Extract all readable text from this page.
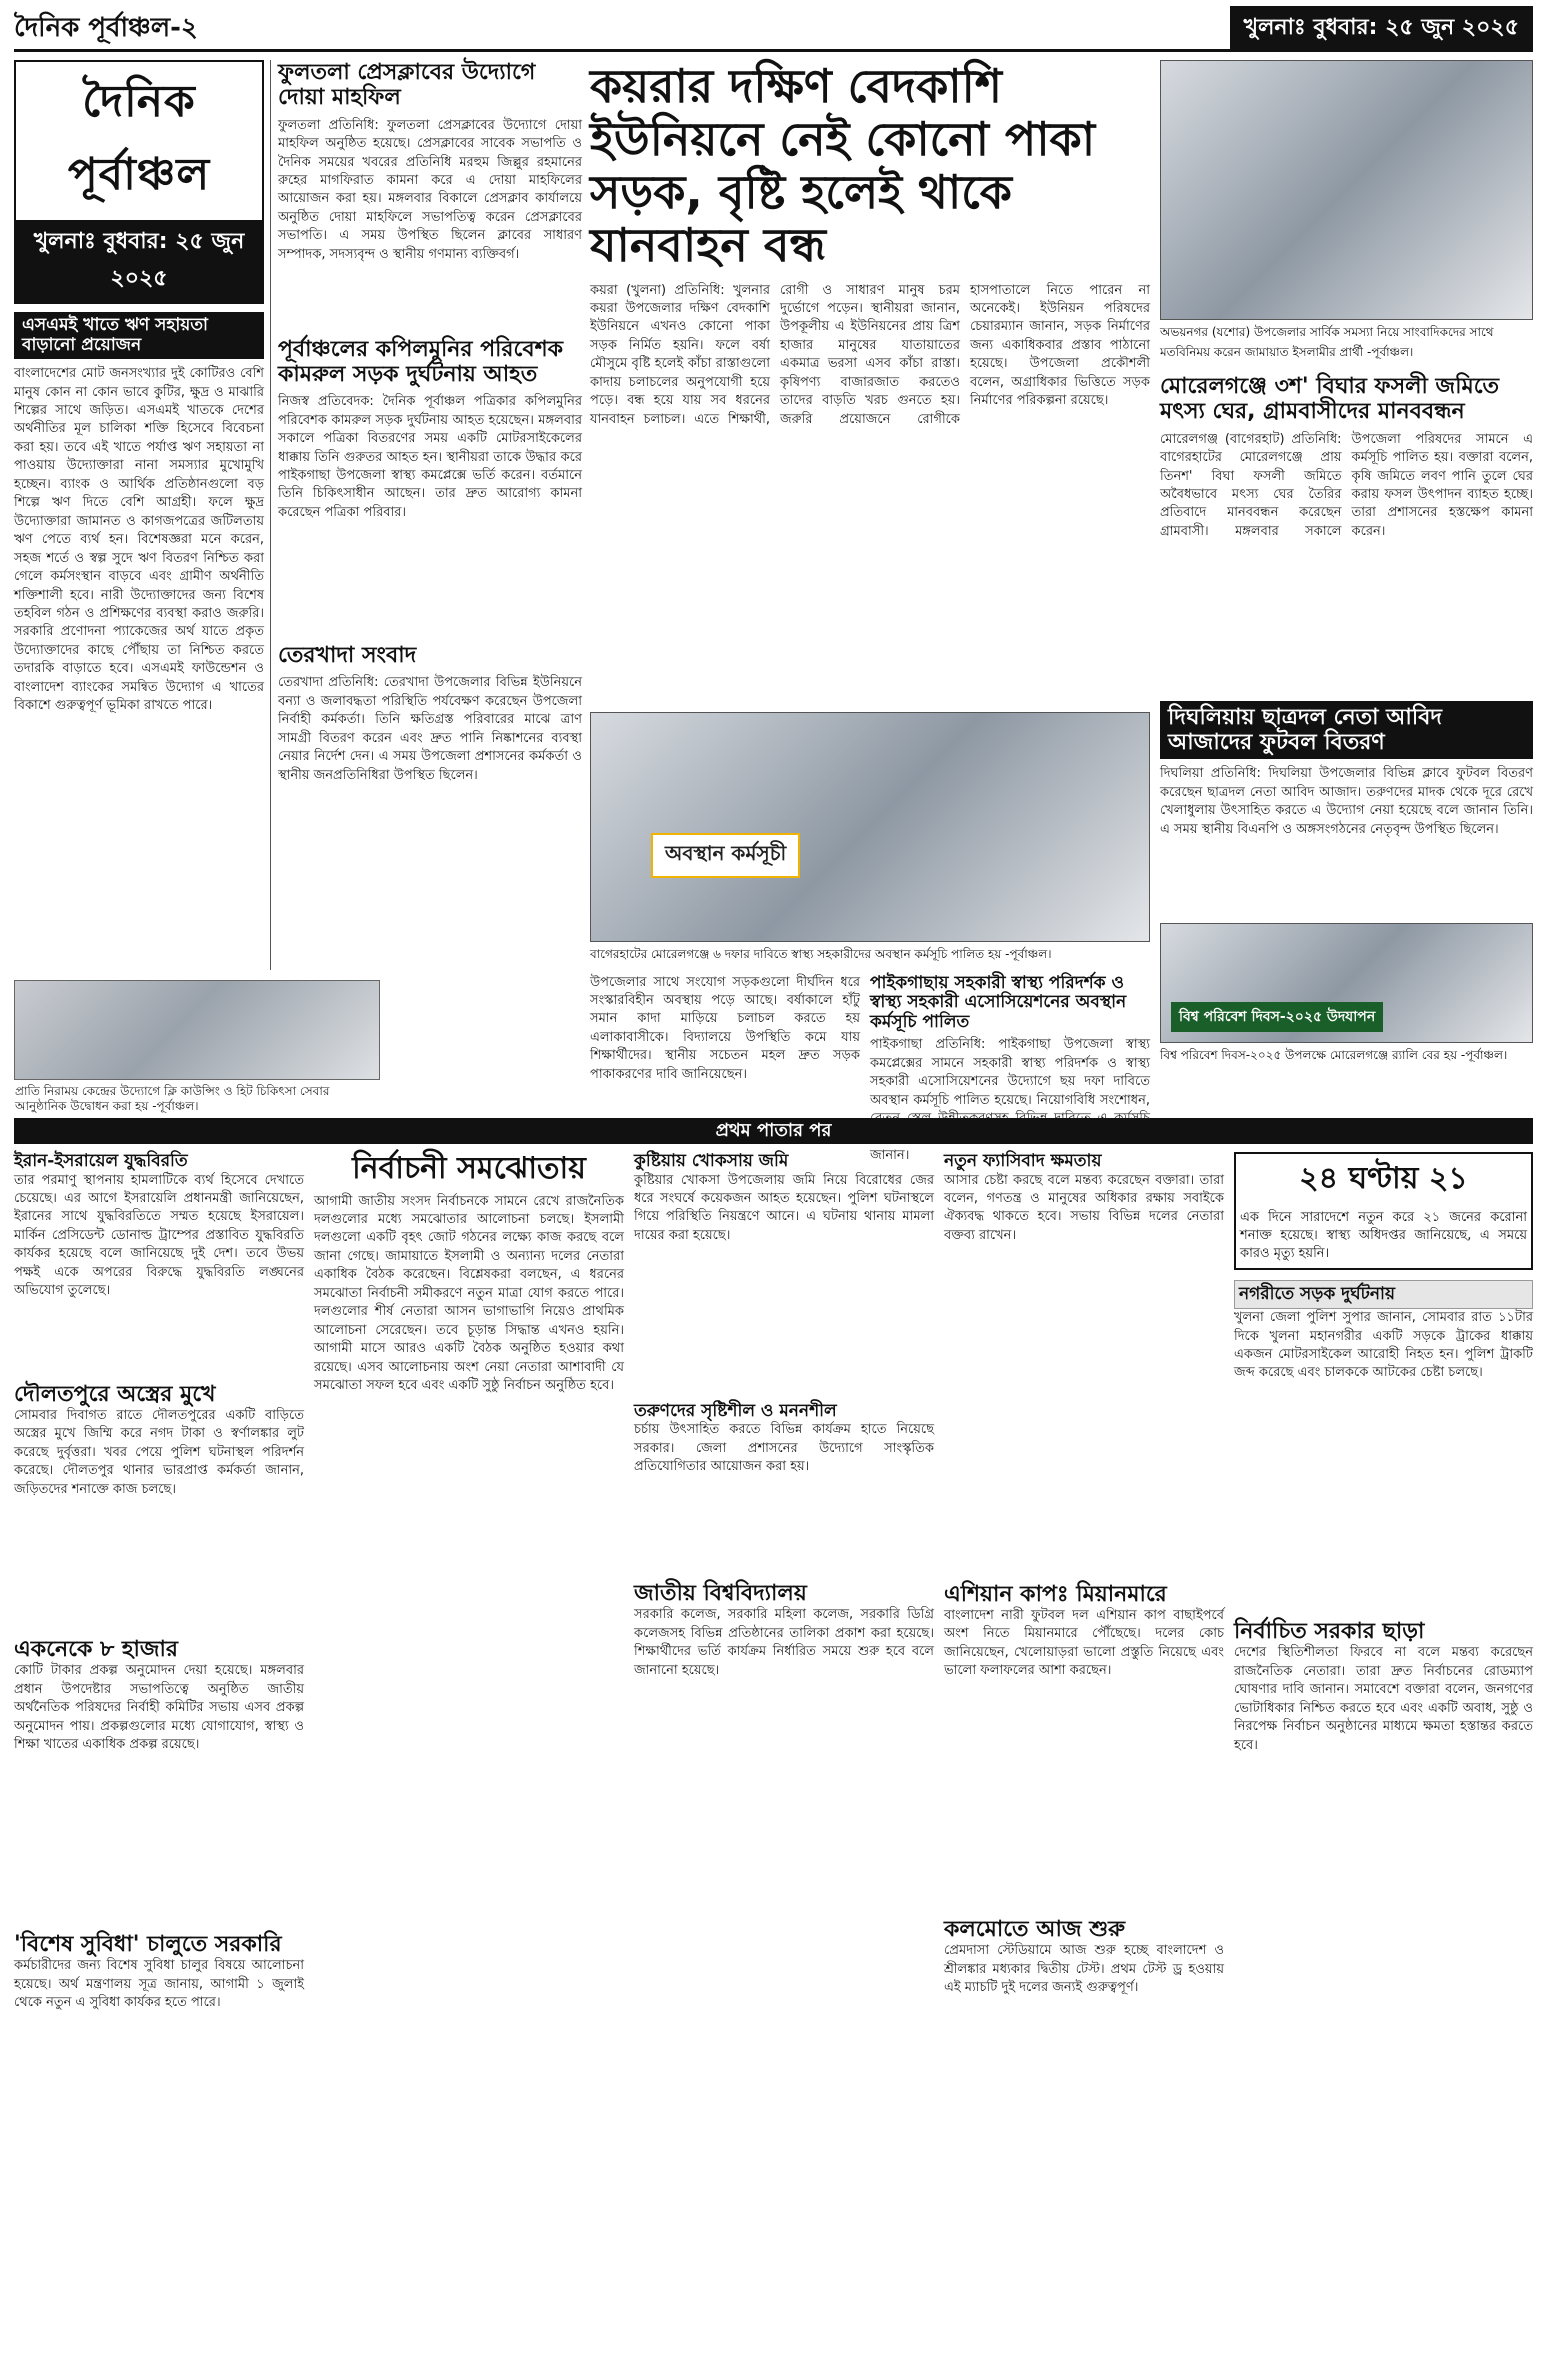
দৈনিক পূর্বাঞ্চল-২	খুলনাঃ বুধবার: ২৫ জুন ২০২৫
দৈনিক পূর্বাঞ্চল
খুলনাঃ বুধবার: ২৫ জুন ২০২৫
এসএমই খাতে ঋণ সহায়তা বাড়ানো প্রয়োজন
বাংলাদেশের মোট জনসংখ্যার দুই কোটিরও বেশি মানুষ কোন না কোন ভাবে কুটির, ক্ষুদ্র ও মাঝারি শিল্পের সাথে জড়িত। এসএমই খাতকে দেশের অর্থনীতির মূল চালিকা শক্তি হিসেবে বিবেচনা করা হয়। তবে এই খাতে পর্যাপ্ত ঋণ সহায়তা না পাওয়ায় উদ্যোক্তারা নানা সমস্যার মুখোমুখি হচ্ছেন। ব্যাংক ও আর্থিক প্রতিষ্ঠানগুলো বড় শিল্পে ঋণ দিতে বেশি আগ্রহী। ফলে ক্ষুদ্র উদ্যোক্তারা জামানত ও কাগজপত্রের জটিলতায় ঋণ পেতে ব্যর্থ হন। বিশেষজ্ঞরা মনে করেন, সহজ শর্তে ও স্বল্প সুদে ঋণ বিতরণ নিশ্চিত করা গেলে কর্মসংস্থান বাড়বে এবং গ্রামীণ অর্থনীতি শক্তিশালী হবে। নারী উদ্যোক্তাদের জন্য বিশেষ তহবিল গঠন ও প্রশিক্ষণের ব্যবস্থা করাও জরুরি। সরকারি প্রণোদনা প্যাকেজের অর্থ যাতে প্রকৃত উদ্যোক্তাদের কাছে পৌঁছায় তা নিশ্চিত করতে তদারকি বাড়াতে হবে। এসএমই ফাউন্ডেশন ও বাংলাদেশ ব্যাংকের সমন্বিত উদ্যোগ এ খাতের বিকাশে গুরুত্বপূর্ণ ভূমিকা রাখতে পারে।
প্রাতি নিরাময় কেন্দ্রের উদ্যোগে ক্লি কাউন্সিং ও হিট চিকিৎসা সেবার আনুষ্ঠানিক উদ্বোধন করা হয় -পূর্বাঞ্চল।
ফুলতলা প্রেসক্লাবের উদ্যোগে দোয়া মাহফিল
ফুলতলা প্রতিনিধি: ফুলতলা প্রেসক্লাবের উদ্যোগে দোয়া মাহফিল অনুষ্ঠিত হয়েছে। প্রেসক্লাবের সাবেক সভাপতি ও দৈনিক সময়ের খবরের প্রতিনিধি মরহুম জিল্লুর রহমানের রুহের মাগফিরাত কামনা করে এ দোয়া মাহফিলের আয়োজন করা হয়। মঙ্গলবার বিকালে প্রেসক্লাব কার্যালয়ে অনুষ্ঠিত দোয়া মাহফিলে সভাপতিত্ব করেন প্রেসক্লাবের সভাপতি। এ সময় উপস্থিত ছিলেন ক্লাবের সাধারণ সম্পাদক, সদস্যবৃন্দ ও স্থানীয় গণমান্য ব্যক্তিবর্গ।
পূর্বাঞ্চলের কপিলমুনির পরিবেশক কামরুল সড়ক দুর্ঘটনায় আহত
নিজস্ব প্রতিবেদক: দৈনিক পূর্বাঞ্চল পত্রিকার কপিলমুনির পরিবেশক কামরুল সড়ক দুর্ঘটনায় আহত হয়েছেন। মঙ্গলবার সকালে পত্রিকা বিতরণের সময় একটি মোটরসাইকেলের ধাক্কায় তিনি গুরুতর আহত হন। স্থানীয়রা তাকে উদ্ধার করে পাইকগাছা উপজেলা স্বাস্থ্য কমপ্লেক্সে ভর্তি করেন। বর্তমানে তিনি চিকিৎসাধীন আছেন। তার দ্রুত আরোগ্য কামনা করেছেন পত্রিকা পরিবার।
তেরখাদা সংবাদ
তেরখাদা প্রতিনিধি: তেরখাদা উপজেলার বিভিন্ন ইউনিয়নে বন্যা ও জলাবদ্ধতা পরিস্থিতি পর্যবেক্ষণ করেছেন উপজেলা নির্বাহী কর্মকর্তা। তিনি ক্ষতিগ্রস্ত পরিবারের মাঝে ত্রাণ সামগ্রী বিতরণ করেন এবং দ্রুত পানি নিষ্কাশনের ব্যবস্থা নেয়ার নির্দেশ দেন। এ সময় উপজেলা প্রশাসনের কর্মকর্তা ও স্থানীয় জনপ্রতিনিধিরা উপস্থিত ছিলেন।
কয়রার দক্ষিণ বেদকাশি ইউনিয়নে নেই কোনো পাকা সড়ক, বৃষ্টি হলেই থাকে যানবাহন বন্ধ
কয়রা (খুলনা) প্রতিনিধি: খুলনার কয়রা উপজেলার দক্ষিণ বেদকাশি ইউনিয়নে এখনও কোনো পাকা সড়ক নির্মিত হয়নি। ফলে বর্ষা মৌসুমে বৃষ্টি হলেই কাঁচা রাস্তাগুলো কাদায় চলাচলের অনুপযোগী হয়ে পড়ে। বন্ধ হয়ে যায় সব ধরনের যানবাহন চলাচল। এতে শিক্ষার্থী, রোগী ও সাধারণ মানুষ চরম দুর্ভোগে পড়েন। স্থানীয়রা জানান, উপকূলীয় এ ইউনিয়নের প্রায় ত্রিশ হাজার মানুষের যাতায়াতের একমাত্র ভরসা এসব কাঁচা রাস্তা। কৃষিপণ্য বাজারজাত করতেও তাদের বাড়তি খরচ গুনতে হয়। জরুরি প্রয়োজনে রোগীকে হাসপাতালে নিতে পারেন না অনেকেই। ইউনিয়ন পরিষদের চেয়ারম্যান জানান, সড়ক নির্মাণের জন্য একাধিকবার প্রস্তাব পাঠানো হয়েছে। উপজেলা প্রকৌশলী বলেন, অগ্রাধিকার ভিত্তিতে সড়ক নির্মাণের পরিকল্পনা রয়েছে।
অবস্থান কর্মসূচী
বাগেরহাটের মোরেলগঞ্জে ৬ দফার দাবিতে স্বাস্থ্য সহকারীদের অবস্থান কর্মসূচি পালিত হয় -পূর্বাঞ্চল।
উপজেলার সাথে সংযোগ সড়কগুলো দীর্ঘদিন ধরে সংস্কারবিহীন অবস্থায় পড়ে আছে। বর্ষাকালে হাঁটু সমান কাদা মাড়িয়ে চলাচল করতে হয় এলাকাবাসীকে। বিদ্যালয়ে উপস্থিতি কমে যায় শিক্ষার্থীদের। স্থানীয় সচেতন মহল দ্রুত সড়ক পাকাকরণের দাবি জানিয়েছেন।
পাইকগাছায় সহকারী স্বাস্থ্য পরিদর্শক ও স্বাস্থ্য সহকারী এসোসিয়েশনের অবস্থান কর্মসূচি পালিত
পাইকগাছা প্রতিনিধি: পাইকগাছা উপজেলা স্বাস্থ্য কমপ্লেক্সের সামনে সহকারী স্বাস্থ্য পরিদর্শক ও স্বাস্থ্য সহকারী এসোসিয়েশনের উদ্যোগে ছয় দফা দাবিতে অবস্থান কর্মসূচি পালিত হয়েছে। নিয়োগবিধি সংশোধন, জানান।
অভয়নগর (যশোর) উপজেলার সার্বিক সমস্যা নিয়ে সাংবাদিকদের সাথে মতবিনিময় করেন জামায়াত ইসলামীর প্রার্থী -পূর্বাঞ্চল।
মোরেলগঞ্জে ৩শ' বিঘার ফসলী জমিতে মৎস্য ঘের, গ্রামবাসীদের মানববন্ধন
মোরেলগঞ্জ (বাগেরহাট) প্রতিনিধি: বাগেরহাটের মোরেলগঞ্জে প্রায় তিনশ' বিঘা ফসলী জমিতে অবৈধভাবে মৎস্য ঘের তৈরির প্রতিবাদে মানববন্ধন করেছেন গ্রামবাসী। মঙ্গলবার সকালে উপজেলা পরিষদের সামনে এ কর্মসূচি পালিত হয়। বক্তারা বলেন, কৃষি জমিতে লবণ পানি তুলে ঘের করায় ফসল উৎপাদন ব্যাহত হচ্ছে। তারা প্রশাসনের হস্তক্ষেপ কামনা করেন।
দিঘলিয়ায় ছাত্রদল নেতা আবিদ আজাদের ফুটবল বিতরণ
দিঘলিয়া প্রতিনিধি: দিঘলিয়া উপজেলার বিভিন্ন ক্লাবে ফুটবল বিতরণ করেছেন ছাত্রদল নেতা আবিদ আজাদ। তরুণদের মাদক থেকে দূরে রেখে খেলাধুলায় উৎসাহিত করতে এ উদ্যোগ নেয়া হয়েছে বলে জানান তিনি। এ সময় স্থানীয় বিএনপি ও অঙ্গসংগঠনের নেতৃবৃন্দ উপস্থিত ছিলেন।
বিশ্ব পরিবেশ দিবস-২০২৫ উদযাপন
বিশ্ব পরিবেশ দিবস-২০২৫ উপলক্ষে মোরেলগঞ্জে র‍্যালি বের হয় -পূর্বাঞ্চল।
প্রথম পাতার পর
ইরান-ইসরায়েল যুদ্ধবিরতি
তার পরমাণু স্থাপনায় হামলাটিকে ব্যর্থ হিসেবে দেখাতে চেয়েছে। এর আগে ইসরায়েলি প্রধানমন্ত্রী জানিয়েছেন, ইরানের সাথে যুদ্ধবিরতিতে সম্মত হয়েছে ইসরায়েল। মার্কিন প্রেসিডেন্ট ডোনাল্ড ট্রাম্পের প্রস্তাবিত যুদ্ধবিরতি কার্যকর হয়েছে বলে জানিয়েছে দুই দেশ। তবে উভয় পক্ষই একে অপরের বিরুদ্ধে যুদ্ধবিরতি লঙ্ঘনের অভিযোগ তুলেছে।
দৌলতপুরে অস্ত্রের মুখে
সোমবার দিবাগত রাতে দৌলতপুরের একটি বাড়িতে অস্ত্রের মুখে জিম্মি করে নগদ টাকা ও স্বর্ণালঙ্কার লুট করেছে দুর্বৃত্তরা। খবর পেয়ে পুলিশ ঘটনাস্থল পরিদর্শন করেছে। দৌলতপুর থানার ভারপ্রাপ্ত কর্মকর্তা জানান, জড়িতদের শনাক্তে কাজ চলছে।
একনেকে ৮ হাজার
কোটি টাকার প্রকল্প অনুমোদন দেয়া হয়েছে। মঙ্গলবার প্রধান উপদেষ্টার সভাপতিত্বে অনুষ্ঠিত জাতীয় অর্থনৈতিক পরিষদের নির্বাহী কমিটির সভায় এসব প্রকল্প অনুমোদন পায়। প্রকল্পগুলোর মধ্যে যোগাযোগ, স্বাস্থ্য ও শিক্ষা খাতের একাধিক প্রকল্প রয়েছে।
'বিশেষ সুবিধা' চালুতে সরকারি
কর্মচারীদের জন্য বিশেষ সুবিধা চালুর বিষয়ে আলোচনা হয়েছে। অর্থ মন্ত্রণালয় সূত্র জানায়, আগামী ১ জুলাই থেকে নতুন এ সুবিধা কার্যকর হতে পারে।
নির্বাচনী সমঝোতায়
আগামী জাতীয় সংসদ নির্বাচনকে সামনে রেখে রাজনৈতিক দলগুলোর মধ্যে সমঝোতার আলোচনা চলছে। ইসলামী দলগুলো একটি বৃহৎ জোট গঠনের লক্ষ্যে কাজ করছে বলে জানা গেছে। জামায়াতে ইসলামী ও অন্যান্য দলের নেতারা একাধিক বৈঠক করেছেন। বিশ্লেষকরা বলছেন, এ ধরনের সমঝোতা নির্বাচনী সমীকরণে নতুন মাত্রা যোগ করতে পারে। দলগুলোর শীর্ষ নেতারা আসন ভাগাভাগি নিয়েও প্রাথমিক আলোচনা সেরেছেন। তবে চূড়ান্ত সিদ্ধান্ত এখনও হয়নি। আগামী মাসে আরও একটি বৈঠক অনুষ্ঠিত হওয়ার কথা রয়েছে। এসব আলোচনায় অংশ নেয়া নেতারা আশাবাদী যে সমঝোতা সফল হবে এবং একটি সুষ্ঠু নির্বাচন অনুষ্ঠিত হবে।
কুষ্টিয়ায় খোকসায় জমি
কুষ্টিয়ার খোকসা উপজেলায় জমি নিয়ে বিরোধের জের ধরে সংঘর্ষে কয়েকজন আহত হয়েছেন। পুলিশ ঘটনাস্থলে গিয়ে পরিস্থিতি নিয়ন্ত্রণে আনে। এ ঘটনায় থানায় মামলা দায়ের করা হয়েছে।
তরুণদের সৃষ্টিশীল ও মননশীল
চর্চায় উৎসাহিত করতে বিভিন্ন কার্যক্রম হাতে নিয়েছে সরকার। জেলা প্রশাসনের উদ্যোগে সাংস্কৃতিক প্রতিযোগিতার আয়োজন করা হয়।
জাতীয় বিশ্ববিদ্যালয়
সরকারি কলেজ, সরকারি মহিলা কলেজ, সরকারি ডিগ্রি কলেজসহ বিভিন্ন প্রতিষ্ঠানের তালিকা প্রকাশ করা হয়েছে। শিক্ষার্থীদের ভর্তি কার্যক্রম নির্ধারিত সময়ে শুরু হবে বলে জানানো হয়েছে।
নতুন ফ্যাসিবাদ ক্ষমতায়
আসার চেষ্টা করছে বলে মন্তব্য করেছেন বক্তারা। তারা বলেন, গণতন্ত্র ও মানুষের অধিকার রক্ষায় সবাইকে ঐক্যবদ্ধ থাকতে হবে। সভায় বিভিন্ন দলের নেতারা বক্তব্য রাখেন।
এশিয়ান কাপঃ মিয়ানমারে
বাংলাদেশ নারী ফুটবল দল এশিয়ান কাপ বাছাইপর্বে অংশ নিতে মিয়ানমারে পৌঁছেছে। দলের কোচ জানিয়েছেন, খেলোয়াড়রা ভালো প্রস্তুতি নিয়েছে এবং ভালো ফলাফলের আশা করছেন।
কলমোতে আজ শুরু
প্রেমদাসা স্টেডিয়ামে আজ শুরু হচ্ছে বাংলাদেশ ও শ্রীলঙ্কার মধ্যকার দ্বিতীয় টেস্ট। প্রথম টেস্ট ড্র হওয়ায় এই ম্যাচটি দুই দলের জন্যই গুরুত্বপূর্ণ।
২৪ ঘণ্টায় ২১
এক দিনে সারাদেশে নতুন করে ২১ জনের করোনা শনাক্ত হয়েছে। স্বাস্থ্য অধিদপ্তর জানিয়েছে, এ সময়ে কারও মৃত্যু হয়নি।
নগরীতে সড়ক দুর্ঘটনায়
খুলনা জেলা পুলিশ সুপার জানান, সোমবার রাত ১১টার দিকে খুলনা মহানগরীর একটি সড়কে ট্রাকের ধাক্কায় একজন মোটরসাইকেল আরোহী নিহত হন। পুলিশ ট্রাকটি জব্দ করেছে এবং চালককে আটকের চেষ্টা চলছে।
নির্বাচিত সরকার ছাড়া
দেশের স্থিতিশীলতা ফিরবে না বলে মন্তব্য করেছেন রাজনৈতিক নেতারা। তারা দ্রুত নির্বাচনের রোডম্যাপ ঘোষণার দাবি জানান। সমাবেশে বক্তারা বলেন, জনগণের ভোটাধিকার নিশ্চিত করতে হবে এবং একটি অবাধ, সুষ্ঠু ও নিরপেক্ষ নির্বাচন অনুষ্ঠানের মাধ্যমে ক্ষমতা হস্তান্তর করতে হবে।
